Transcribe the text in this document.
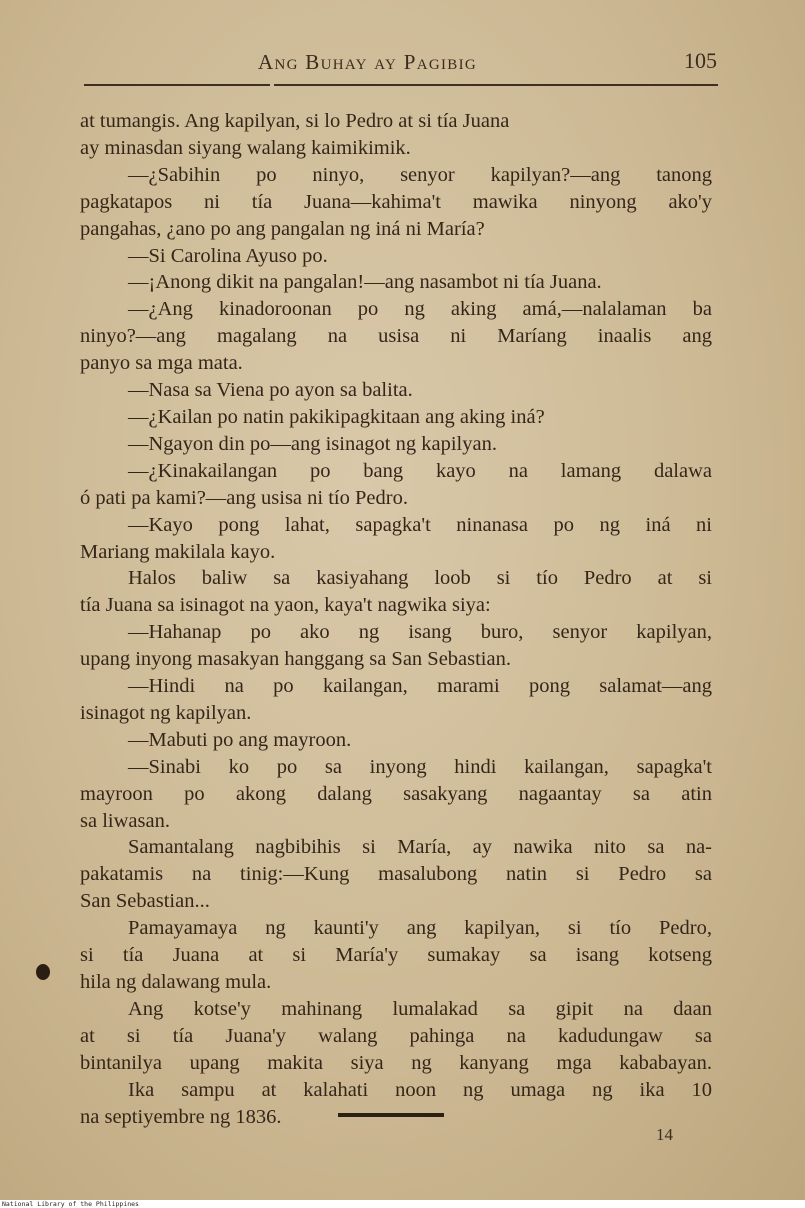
Ang Buhay ay Pagibig	105
at tumangis. Ang kapilyan, si lo Pedro at si tía Juana
ay minasdan siyang walang kaimikimik.
—¿Sabihin po ninyo, senyor kapilyan?—ang tanong
pagkatapos ni tía Juana—kahima't mawika ninyong ako'y
pangahas, ¿ano po ang pangalan ng iná ni María?
—Si Carolina Ayuso po.
—¡Anong dikit na pangalan!—ang nasambot ni tía Juana.
—¿Ang kinadoroonan po ng aking amá,—nalalaman ba
ninyo?—ang magalang na usisa ni Maríang inaalis ang
panyo sa mga mata.
—Nasa sa Viena po ayon sa balita.
—¿Kailan po natin pakikipagkitaan ang aking iná?
—Ngayon din po—ang isinagot ng kapilyan.
—¿Kinakailangan po bang kayo na lamang dalawa
ó pati pa kami?—ang usisa ni tío Pedro.
—Kayo pong lahat, sapagka't ninanasa po ng iná ni
Mariang makilala kayo.
Halos baliw sa kasiyahang loob si tío Pedro at si
tía Juana sa isinagot na yaon, kaya't nagwika siya:
—Hahanap po ako ng isang buro, senyor kapilyan,
upang inyong masakyan hanggang sa San Sebastian.
—Hindi na po kailangan, marami pong salamat—ang
isinagot ng kapilyan.
—Mabuti po ang mayroon.
—Sinabi ko po sa inyong hindi kailangan, sapagka't
mayroon po akong dalang sasakyang nagaantay sa atin
sa liwasan.
Samantalang nagbibihis si María, ay nawika nito sa na-
pakatamis na tinig:—Kung masalubong natin si Pedro sa
San Sebastian...
Pamayamaya ng kaunti'y ang kapilyan, si tío Pedro,
si tía Juana at si María'y sumakay sa isang kotseng
hila ng dalawang mula.
Ang kotse'y mahinang lumalakad sa gipit na daan
at si tía Juana'y walang pahinga na kadudungaw sa
bintanilya upang makita siya ng kanyang mga kababayan.
Ika sampu at kalahati noon ng umaga ng ika 10
na septiyembre ng 1836.
14
National Library of the Philippines
